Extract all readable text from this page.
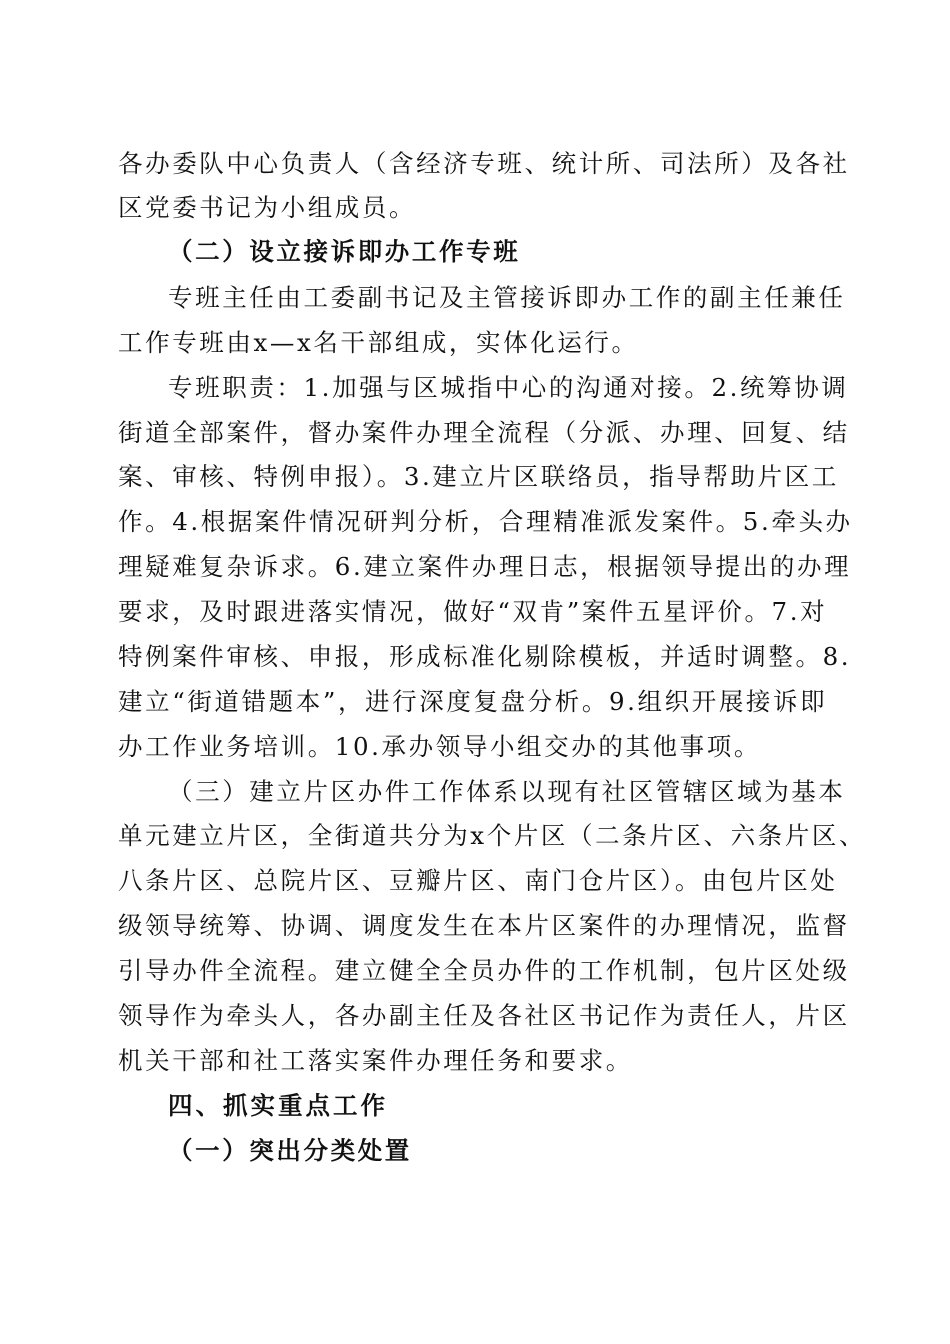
各办委队中心负责人（含经济专班、统计所、司法所）及各社
区党委书记为小组成员。
（二）设立接诉即办工作专班
专班主任由工委副书记及主管接诉即办工作的副主任兼任
工作专班由x—x名干部组成，实体化运行。
专班职责：1.加强与区城指中心的沟通对接。2.统筹协调
街道全部案件，督办案件办理全流程（分派、办理、回复、结
案、审核、特例申报）。3.建立片区联络员，指导帮助片区工
作。4.根据案件情况研判分析，合理精准派发案件。5.牵头办
理疑难复杂诉求。6.建立案件办理日志，根据领导提出的办理
要求，及时跟进落实情况，做好“双肯”案件五星评价。7.对
特例案件审核、申报，形成标准化剔除模板，并适时调整。8.
建立“街道错题本”，进行深度复盘分析。9.组织开展接诉即
办工作业务培训。10.承办领导小组交办的其他事项。
（三）建立片区办件工作体系以现有社区管辖区域为基本
单元建立片区，全街道共分为x个片区（二条片区、六条片区、
八条片区、总院片区、豆瓣片区、南门仓片区）。由包片区处
级领导统筹、协调、调度发生在本片区案件的办理情况，监督
引导办件全流程。建立健全全员办件的工作机制，包片区处级
领导作为牵头人，各办副主任及各社区书记作为责任人，片区
机关干部和社工落实案件办理任务和要求。
四、抓实重点工作
（一）突出分类处置
